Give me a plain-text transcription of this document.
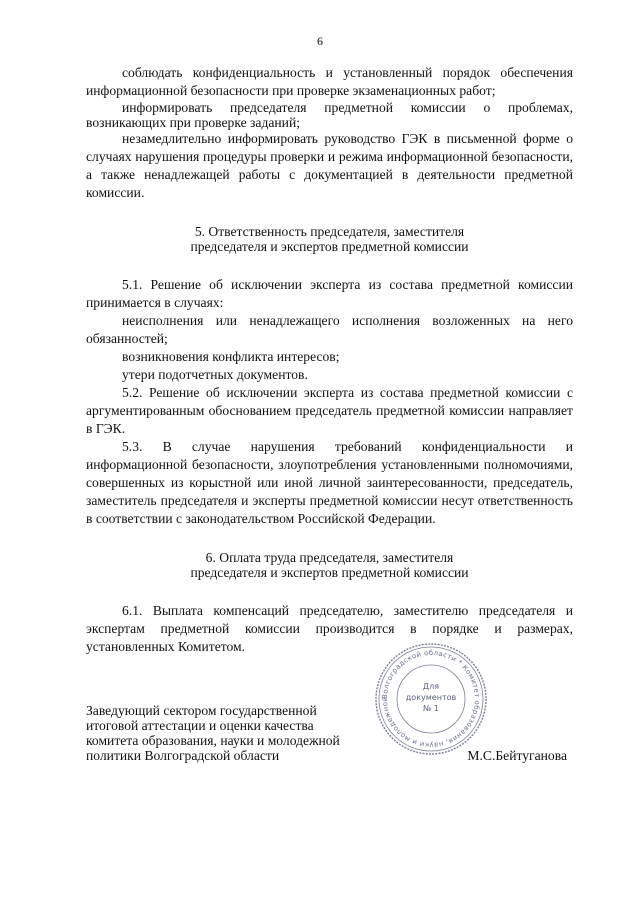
6

соблюдать конфиденциальность и установленный порядок обеспечения информационной безопасности при проверке экзаменационных работ;

информировать председателя предметной комиссии о проблемах, возникающих при проверке заданий;

незамедлительно информировать руководство ГЭК в письменной форме о случаях нарушения процедуры проверки и режима информационной безопасности, а также ненадлежащей работы с документацией в деятельности предметной комиссии.

5. Ответственность председателя, заместителя
председателя и экспертов предметной комиссии

5.1. Решение об исключении эксперта из состава предметной комиссии принимается в случаях:

неисполнения или ненадлежащего исполнения возложенных на него обязанностей;

возникновения конфликта интересов;

утери подотчетных документов.

5.2. Решение об исключении эксперта из состава предметной комиссии с аргументированным обоснованием председатель предметной комиссии направляет в ГЭК.

5.3. В случае нарушения требований конфиденциальности и информационной безопасности, злоупотребления установленными полномочиями, совершенных из корыстной или иной личной заинтересованности, председатель, заместитель председателя и эксперты предметной комиссии несут ответственность в соответствии с законодательством Российской Федерации.

6. Оплата труда председателя, заместителя
председателя и экспертов предметной комиссии

6.1. Выплата компенсаций председателю, заместителю председателя и экспертам предметной комиссии производится в порядке и размерах, установленных Комитетом.

Волгоградской области * Комитет образования, науки и молодежной
Для
документов
№ 1
Заведующий сектором государственной
итоговой аттестации и оценки качества
комитета образования, науки и молодежной
политики Волгоградской области	М.С.Бейтуганова
